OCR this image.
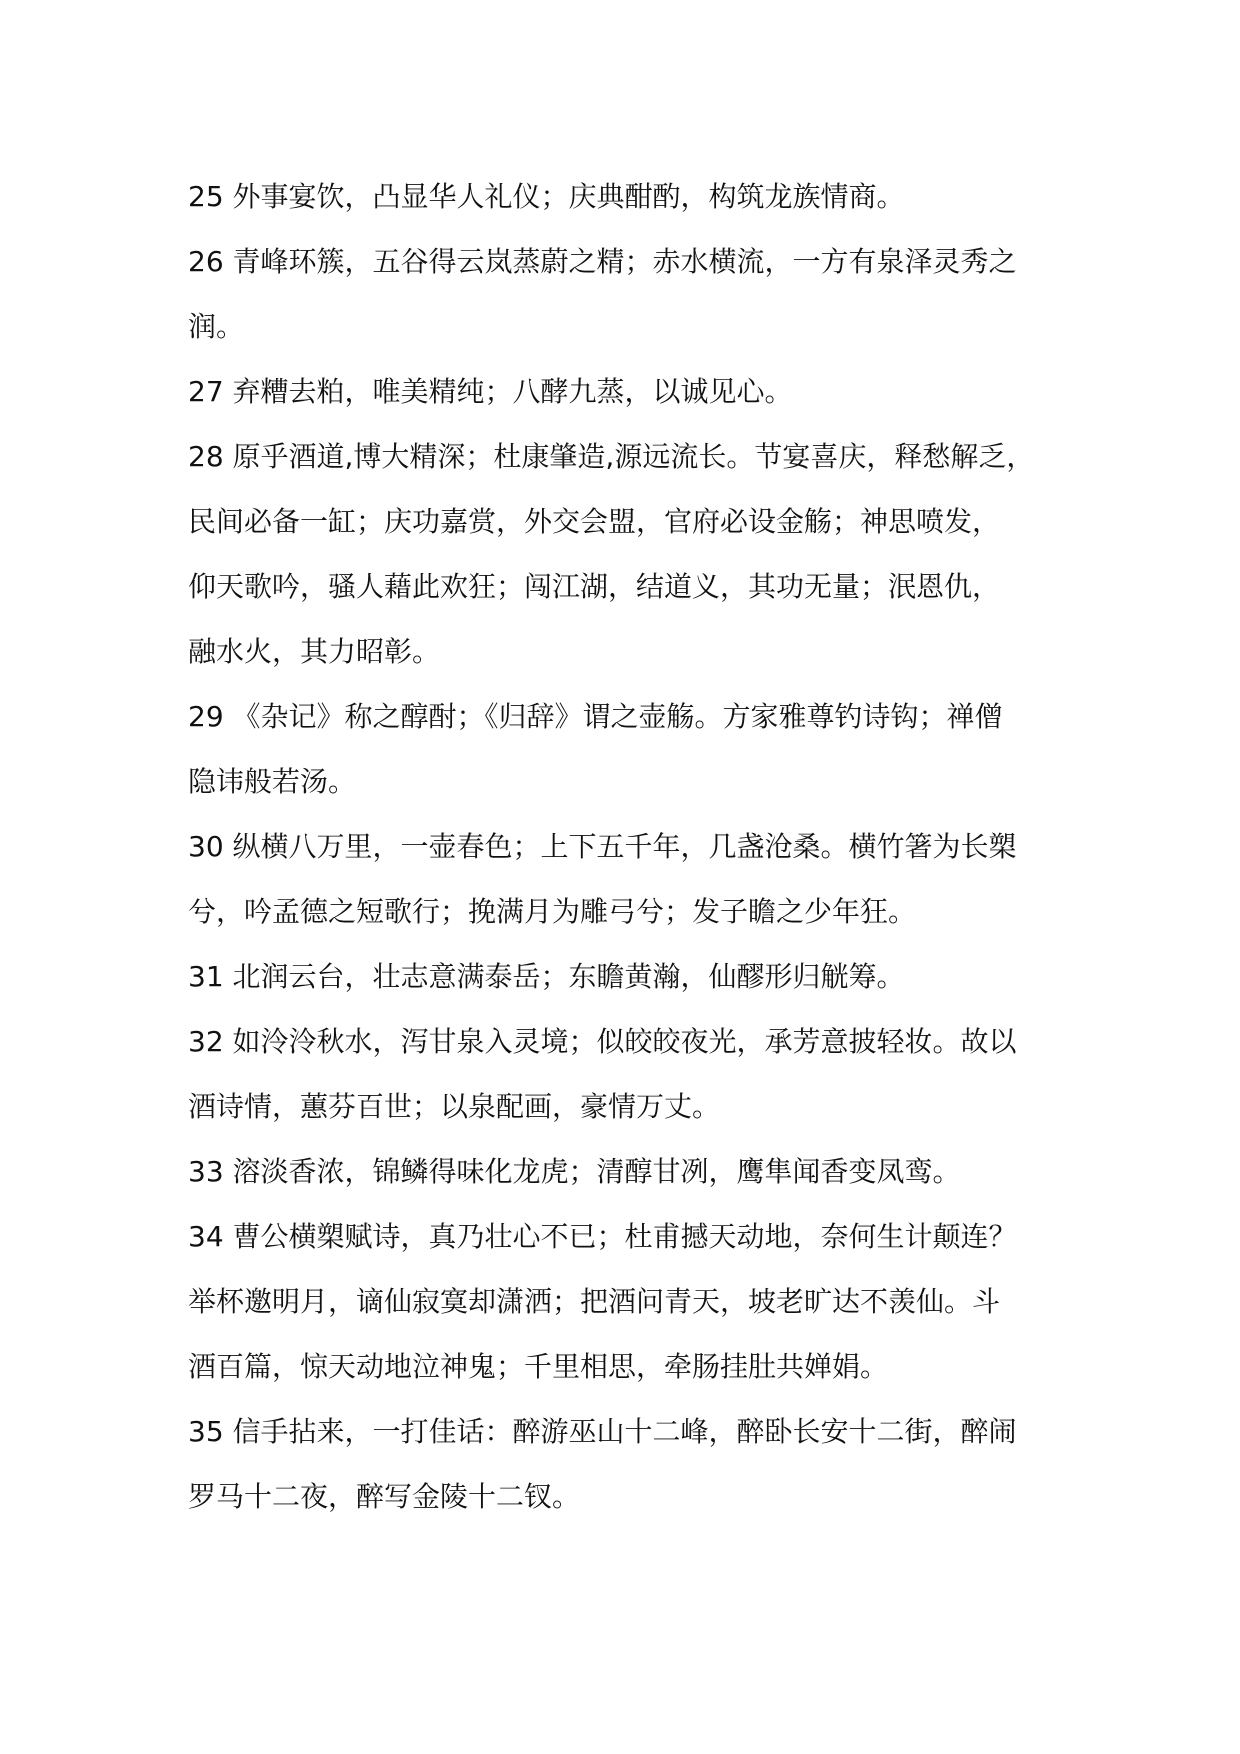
25 外事宴饮，凸显华人礼仪；庆典酣酌，构筑龙族情商。

26 青峰环簇，五谷得云岚蒸蔚之精；赤水横流，一方有泉泽灵秀之

润。

27 弃糟去粕，唯美精纯；八酵九蒸，以诚见心。

28 原乎酒道,博大精深；杜康肇造,源远流长。节宴喜庆，释愁解乏，

民间必备一缸；庆功嘉赏，外交会盟，官府必设金觞；神思喷发，

仰天歌吟，骚人藉此欢狂；闯江湖，结道义，其功无量；泯恩仇，

融水火，其力昭彰。

29 《杂记》称之醇酎；《归辞》谓之壶觞。方家雅尊钓诗钩；禅僧

隐讳般若汤。

30 纵横八万里，一壶春色；上下五千年，几盏沧桑。横竹箸为长槊

兮，吟孟德之短歌行；挽满月为雕弓兮；发子瞻之少年狂。

31 北润云台，壮志意满泰岳；东瞻黄瀚，仙醪形归觥筹。

32 如泠泠秋水，泻甘泉入灵境；似皎皎夜光，承芳意披轻妆。故以

酒诗情，蕙芬百世；以泉配画，豪情万丈。

33 溶淡香浓，锦鳞得味化龙虎；清醇甘冽，鹰隼闻香变凤鸾。

34 曹公横槊赋诗，真乃壮心不已；杜甫撼天动地，奈何生计颠连？

举杯邀明月，谪仙寂寞却潇洒；把酒问青天，坡老旷达不羡仙。斗

酒百篇，惊天动地泣神鬼；千里相思，牵肠挂肚共婵娟。

35 信手拈来，一打佳话：醉游巫山十二峰，醉卧长安十二街，醉闹

罗马十二夜，醉写金陵十二钗。
